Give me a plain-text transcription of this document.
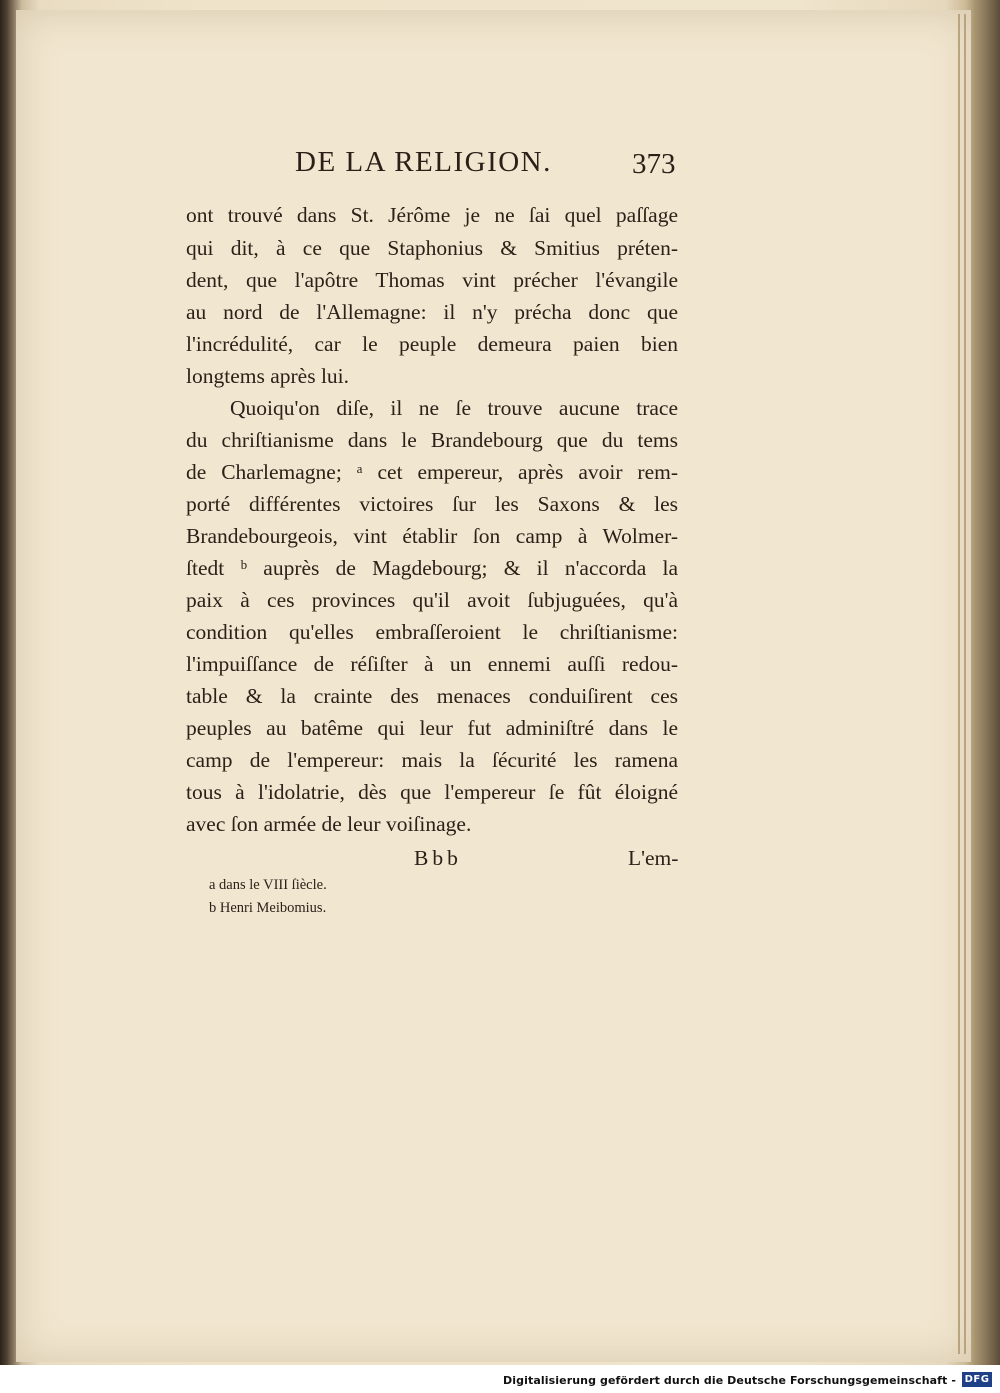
DE LA RELIGION.	373
ont trouvé dans St. Jérôme je ne ſai quel paſſage
qui dit, à ce que Staphonius & Smitius préten-
dent, que l'apôtre Thomas vint précher l'évangile
au nord de l'Allemagne: il n'y précha donc que
l'incrédulité, car le peuple demeura paien bien
longtems après lui.
Quoiqu'on diſe, il ne ſe trouve aucune trace
du chriſtianisme dans le Brandebourg que du tems
de Charlemagne; ᵃ cet empereur, après avoir rem-
porté différentes victoires ſur les Saxons & les
Brandebourgeois, vint établir ſon camp à Wolmer-
ſtedt ᵇ auprès de Magdebourg; & il n'accorda la
paix à ces provinces qu'il avoit ſubjuguées, qu'à
condition qu'elles embraſſeroient le chriſtianisme:
l'impuiſſance de réſiſter à un ennemi auſſi redou-
table & la crainte des menaces conduiſirent ces
peuples au batême qui leur fut adminiſtré dans le
camp de l'empereur: mais la ſécurité les ramena
tous à l'idolatrie, dès que l'empereur ſe fût éloigné
avec ſon armée de leur voiſinage.
Bbb	L'em-
a dans le VIII ſiècle.
b Henri Meibomius.
Digitalisierung gefördert durch die Deutsche Forschungsgemeinschaft - DFG
